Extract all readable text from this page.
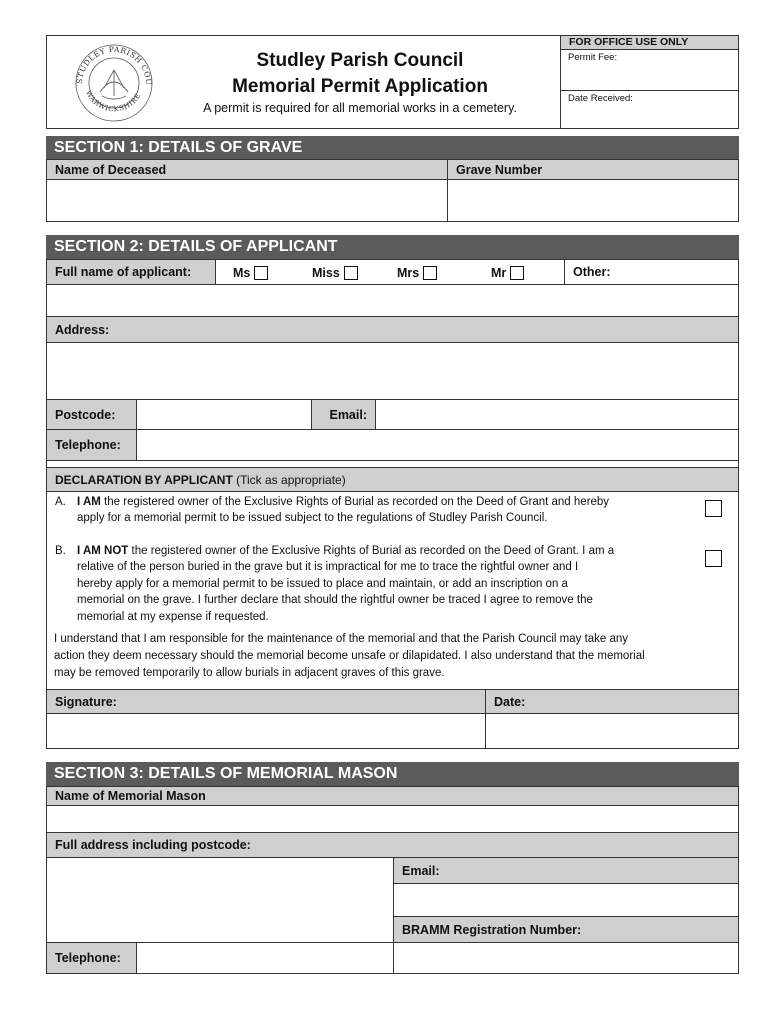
STUDLEY PARISH COU
WARWICKSHIRE
Studley Parish Council
Memorial Permit Application
A permit is required for all memorial works in a cemetery.
FOR OFFICE USE ONLY
Permit Fee:
Date Received:
SECTION 1: DETAILS OF GRAVE
Name of Deceased	Grave Number
SECTION 2: DETAILS OF APPLICANT
Full name of applicant:	Ms	Miss	Mrs	Mr	Other:
Address:
Postcode:	Email:
Telephone:
DECLARATION BY APPLICANT
(Tick as appropriate)
A. I AM the registered owner of the Exclusive Rights of Burial as recorded on the Deed of Grant and hereby
apply for a memorial permit to be issued subject to the regulations of Studley Parish Council.
B. I AM NOT the registered owner of the Exclusive Rights of Burial as recorded on the Deed of Grant. I am a
relative of the person buried in the grave but it is impractical for me to trace the rightful owner and I
hereby apply for a memorial permit to be issued to place and maintain, or add an inscription on a
memorial on the grave. I further declare that should the rightful owner be traced I agree to remove the
memorial at my expense if requested.
I understand that I am responsible for the maintenance of the memorial and that the Parish Council may take any
action they deem necessary should the memorial become unsafe or dilapidated. I also understand that the memorial
may be removed temporarily to allow burials in adjacent graves of this grave.
Signature:	Date:
SECTION 3: DETAILS OF MEMORIAL MASON
Name of Memorial Mason
Full address including postcode:
Email:
BRAMM Registration Number:
Telephone:
